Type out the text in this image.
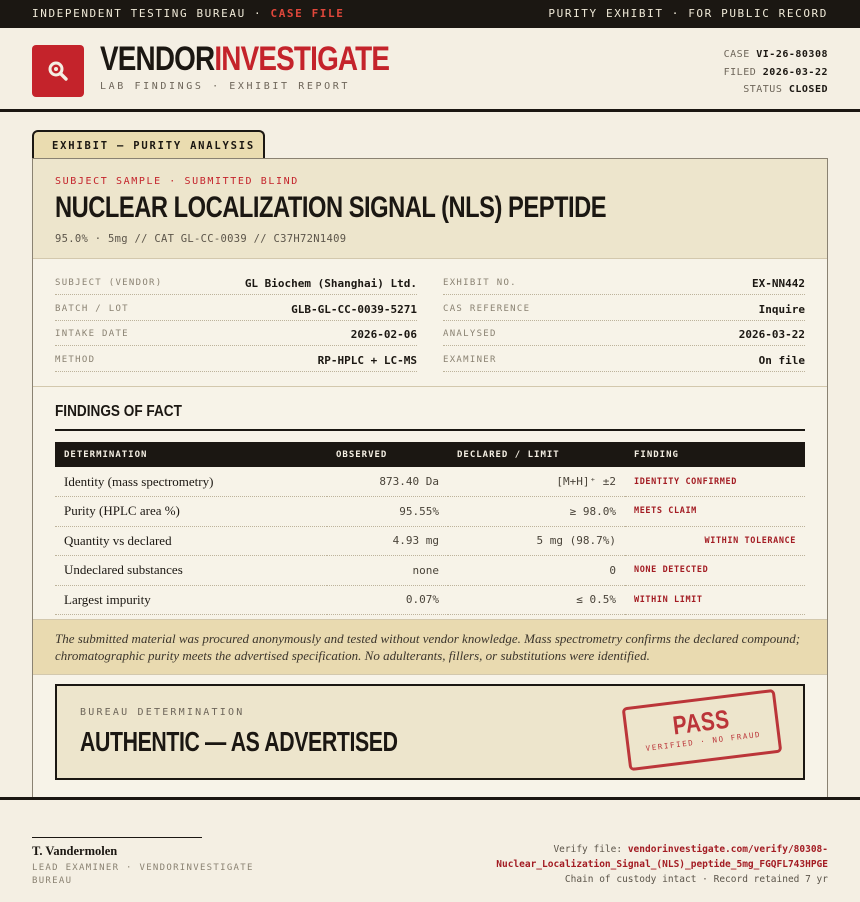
INDEPENDENT TESTING BUREAU · CASE FILE	PURITY EXHIBIT · FOR PUBLIC RECORD
VENDORINVESTIGATE
LAB FINDINGS · EXHIBIT REPORT
CASE VI-26-80308
FILED 2026-03-22
STATUS CLOSED
EXHIBIT — PURITY ANALYSIS
SUBJECT SAMPLE · SUBMITTED BLIND
NUCLEAR LOCALIZATION SIGNAL (NLS) PEPTIDE
95.0% · 5mg // CAT GL-CC-0039 // C37H72N1409
SUBJECT (VENDOR)	GL Biochem (Shanghai) Ltd.
BATCH / LOT	GLB-GL-CC-0039-5271
INTAKE DATE	2026-02-06
METHOD	RP-HPLC + LC-MS
EXHIBIT NO.	EX-NN442
CAS REFERENCE	Inquire
ANALYSED	2026-03-22
EXAMINER	On file
FINDINGS OF FACT
DETERMINATION	OBSERVED	DECLARED / LIMIT	FINDING
Identity (mass spectrometry)	873.40 Da	[M+H]⁺ ±2	IDENTITY CONFIRMED
Purity (HPLC area %)	95.55%	≥ 98.0%	MEETS CLAIM
Quantity vs declared	4.93 mg	5 mg (98.7%)	WITHIN TOLERANCE
Undeclared substances	none	0	NONE DETECTED
Largest impurity	0.07%	≤ 0.5%	WITHIN LIMIT
The submitted material was procured anonymously and tested without vendor knowledge. Mass spectrometry confirms the declared compound; chromatographic purity meets the advertised specification. No adulterants, fillers, or substitutions were identified.
BUREAU DETERMINATION
AUTHENTIC — AS ADVERTISED
PASS
VERIFIED · NO FRAUD
T. Vandermolen
LEAD EXAMINER · VENDORINVESTIGATE BUREAU
Verify file: vendorinvestigate.com/verify/80308-
Nuclear_Localization_Signal_(NLS)_peptide_5mg_FGQFL743HPGE
Chain of custody intact · Record retained 7 yr
